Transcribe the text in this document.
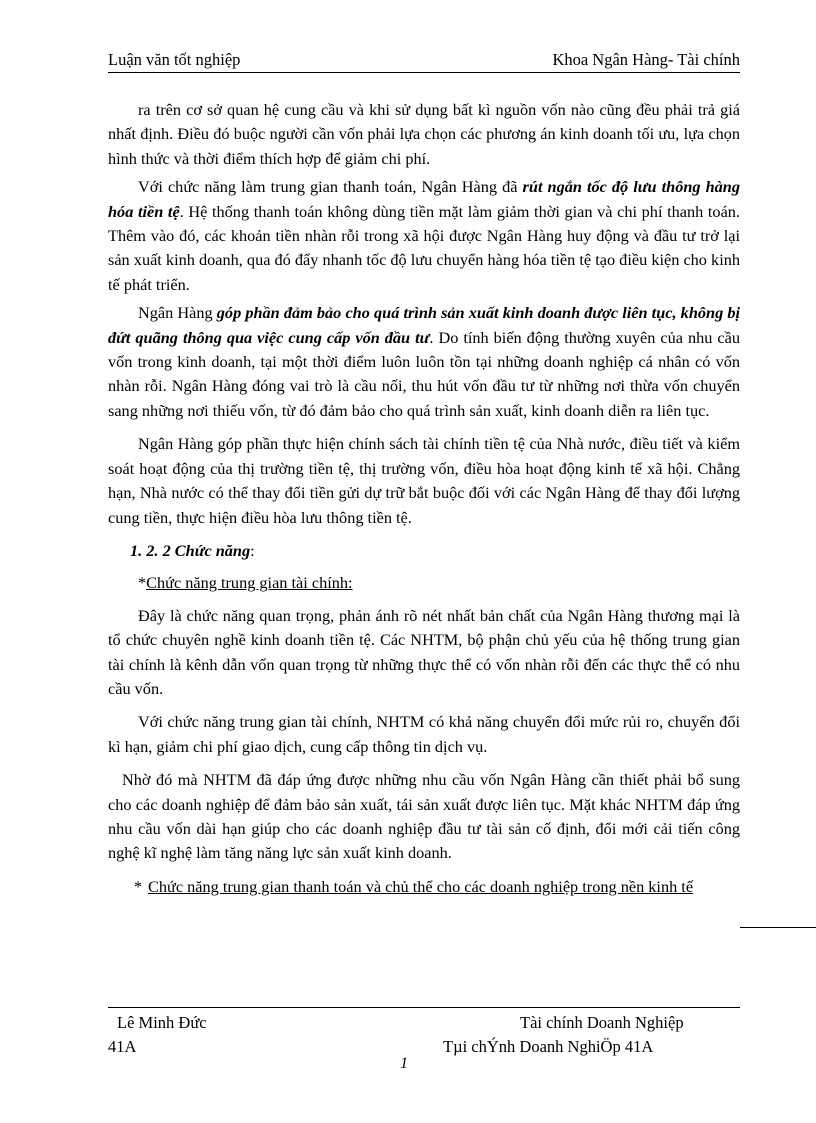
Luận văn tốt nghiệp	Khoa Ngân Hàng- Tài chính

ra trên cơ sở quan hệ cung cầu và khi sử dụng bất kì nguồn vốn nào cũng đều phải trả giá nhất định. Điều đó buộc người cần vốn phải lựa chọn các phương án kinh doanh tối ưu, lựa chọn hình thức và thời điểm thích hợp để giảm chi phí.

Với chức năng làm trung gian thanh toán, Ngân Hàng đã rút ngắn tốc độ lưu thông hàng hóa tiền tệ. Hệ thống thanh toán không dùng tiền mặt làm giảm thời gian và chi phí thanh toán. Thêm vào đó, các khoản tiền nhàn rỗi trong xã hội được Ngân Hàng huy động và đầu tư trở lại sản xuất kinh doanh, qua đó đẩy nhanh tốc độ lưu chuyển hàng hóa tiền tệ tạo điều kiện cho kinh tế phát triển.

Ngân Hàng góp phần đảm bảo cho quá trình sản xuất kinh doanh được liên tục, không bị đứt quãng thông qua việc cung cấp vốn đầu tư. Do tính biến động thường xuyên của nhu cầu vốn trong kinh doanh, tại một thời điểm luôn luôn tồn tại những doanh nghiệp cá nhân có vốn nhàn rỗi. Ngân Hàng đóng vai trò là cầu nối, thu hút vốn đầu tư từ những nơi thừa vốn chuyển sang những nơi thiếu vốn, từ đó đảm bảo cho quá trình sản xuất, kinh doanh diễn ra liên tục.

Ngân Hàng góp phần thực hiện chính sách tài chính tiền tệ của Nhà nước, điều tiết và kiểm soát hoạt động của thị trường tiền tệ, thị trường vốn, điều hòa hoạt động kinh tế xã hội. Chẳng hạn, Nhà nước có thể thay đổi tiền gửi dự trữ bắt buộc đối với các Ngân Hàng để thay đổi lượng cung tiền, thực hiện điều hòa lưu thông tiền tệ.

1. 2. 2 Chức năng:
*Chức năng trung gian tài chính:

Đây là chức năng quan trọng, phản ánh rõ nét nhất bản chất của Ngân Hàng thương mại là tổ chức chuyên nghề kinh doanh tiền tệ. Các NHTM, bộ phận chủ yếu của hệ thống trung gian tài chính là kênh dẫn vốn quan trọng từ những thực thể có vốn nhàn rỗi đến các thực thể có nhu cầu vốn.

Với chức năng trung gian tài chính, NHTM có khả năng chuyển đổi mức rủi ro, chuyển đổi kì hạn, giảm chi phí giao dịch, cung cấp thông tin dịch vụ.

Nhờ đó mà NHTM đã đáp ứng được những nhu cầu vốn Ngân Hàng cần thiết phải bổ sung cho các doanh nghiệp để đảm bảo sản xuất, tái sản xuất được liên tục. Mặt khác NHTM đáp ứng nhu cầu vốn dài hạn giúp cho các doanh nghiệp đầu tư tài sản cố định, đổi mới cải tiến công nghệ kĩ nghệ làm tăng năng lực sản xuất kinh doanh.

* Chức năng trung gian thanh toán và chủ thể cho các doanh nghiệp trong nền kinh tế
Lê Minh Đức
41A
Tài chính Doanh Nghiệp
Tµi chÝnh Doanh NghiÖp 41A
1
